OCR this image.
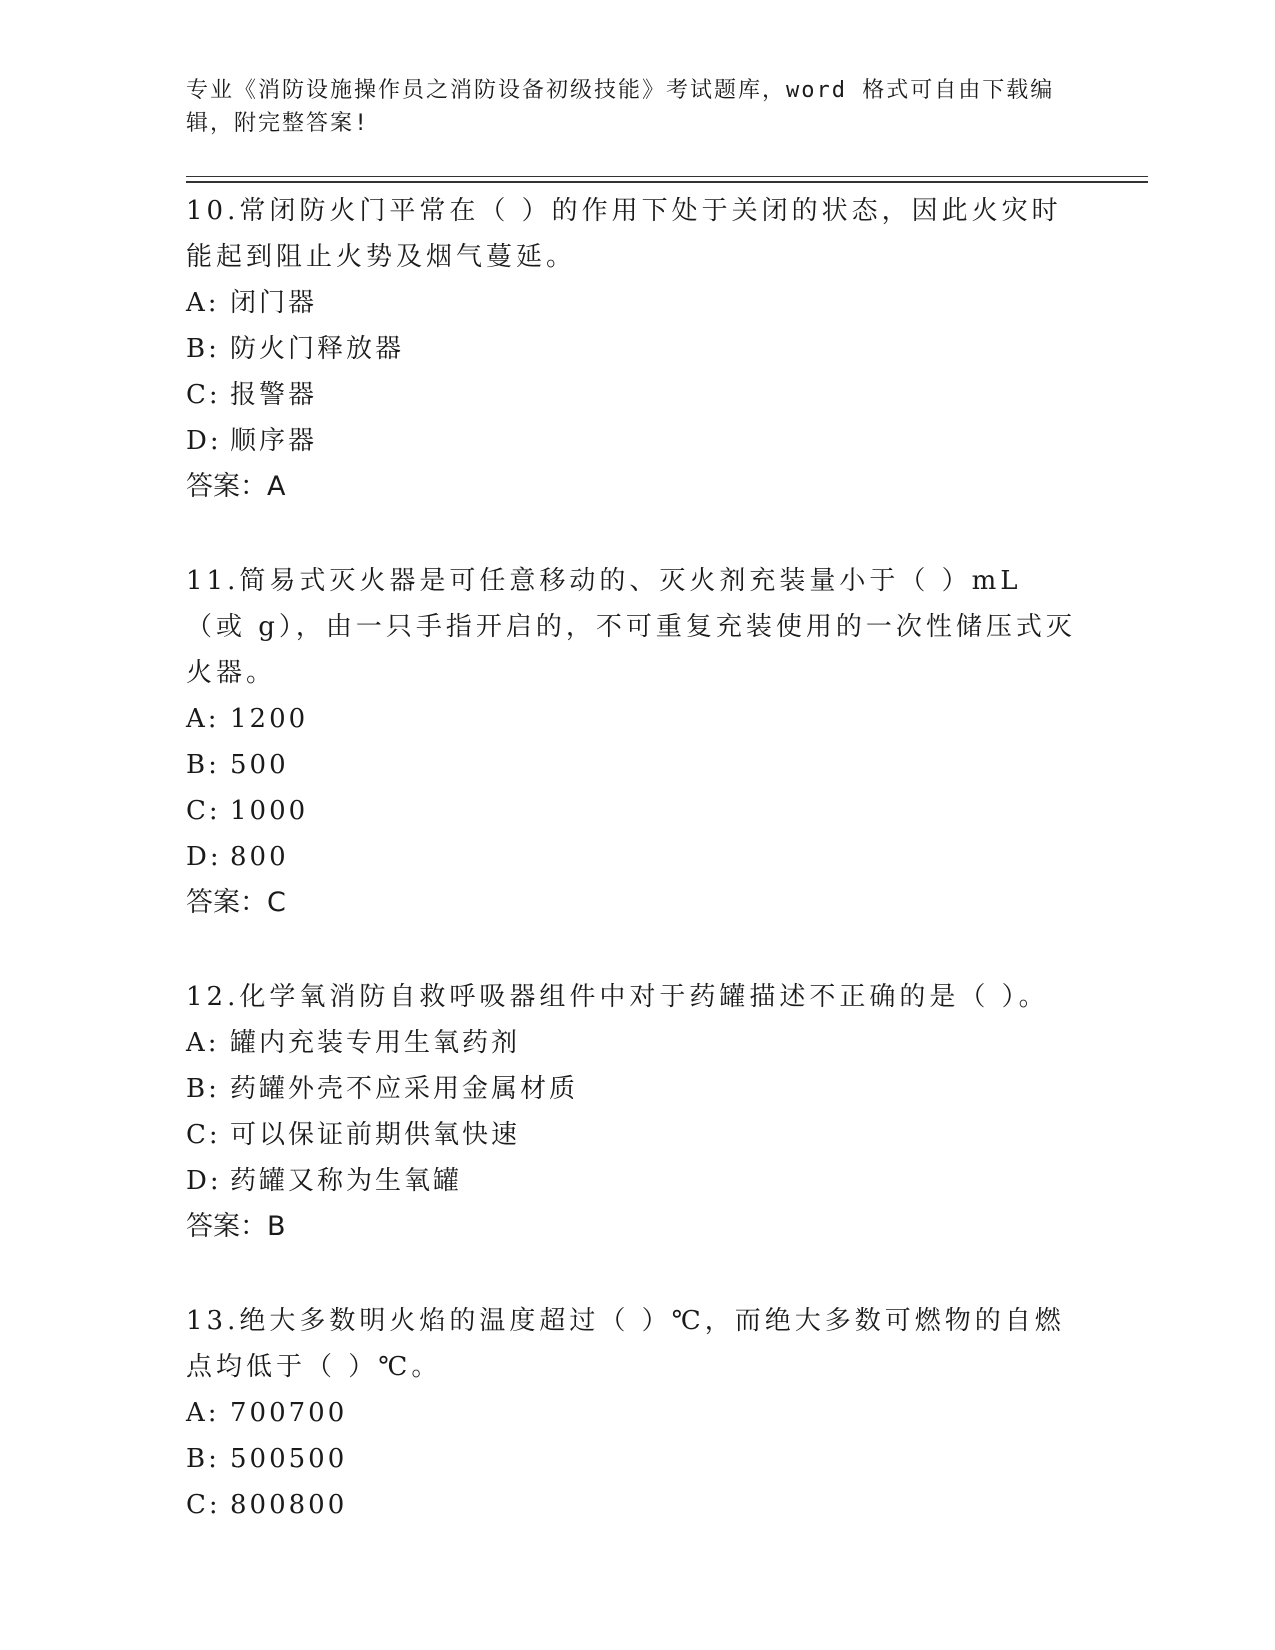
专业《消防设施操作员之消防设备初级技能》考试题库，word 格式可自由下载编辑，附完整答案!

10.常闭防火门平常在（ ）的作用下处于关闭的状态，因此火灾时能起到阻止火势及烟气蔓延。

A: 闭门器

B: 防火门释放器

C: 报警器

D: 顺序器

答案：A

11.简易式灭火器是可任意移动的、灭火剂充装量小于（ ）mL（或 g），由一只手指开启的，不可重复充装使用的一次性储压式灭火器。

A: 1200

B: 500

C: 1000

D: 800

答案：C

12.化学氧消防自救呼吸器组件中对于药罐描述不正确的是（ ）。

A: 罐内充装专用生氧药剂

B: 药罐外壳不应采用金属材质

C: 可以保证前期供氧快速

D: 药罐又称为生氧罐

答案：B

13.绝大多数明火焰的温度超过（ ）℃，而绝大多数可燃物的自燃点均低于（ ）℃。

A: 700700

B: 500500

C: 800800
